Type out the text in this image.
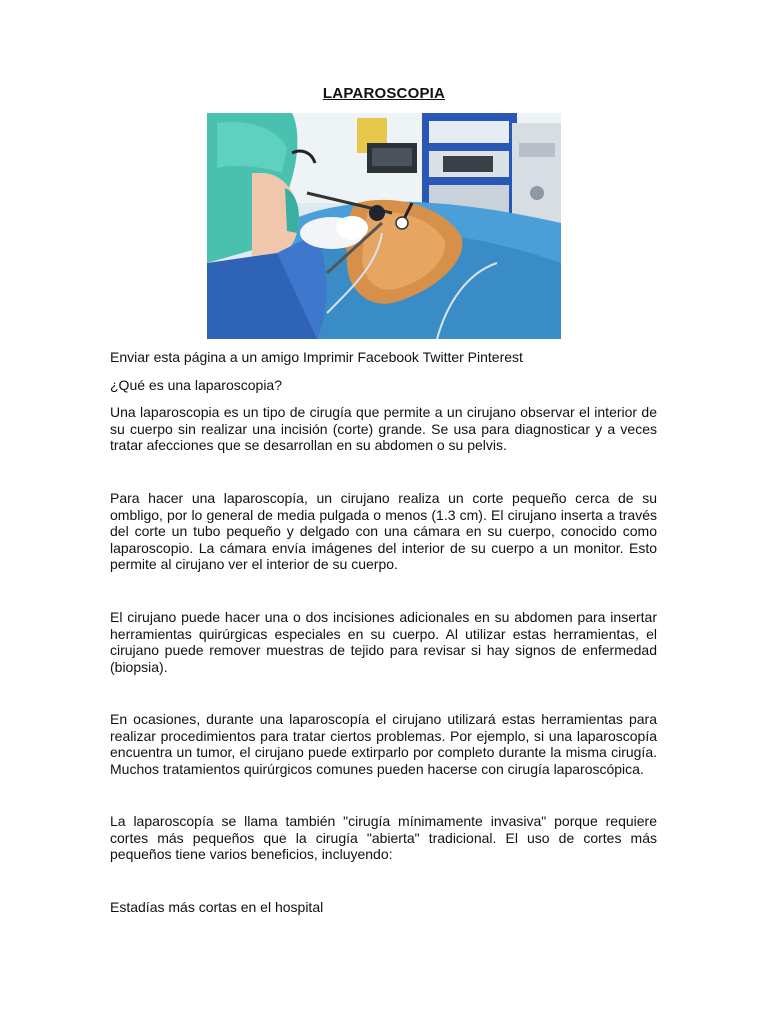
LAPAROSCOPIA
Enviar esta página a un amigo Imprimir Facebook Twitter Pinterest
¿Qué es una laparoscopia?
Una laparoscopia es un tipo de cirugía que permite a un cirujano observar el interior de su cuerpo sin realizar una incisión (corte) grande. Se usa para diagnosticar y a veces tratar afecciones que se desarrollan en su abdomen o su pelvis.
Para hacer una laparoscopía, un cirujano realiza un corte pequeño cerca de su ombligo, por lo general de media pulgada o menos (1.3 cm). El cirujano inserta a través del corte un tubo pequeño y delgado con una cámara en su cuerpo, conocido como laparoscopio. La cámara envía imágenes del interior de su cuerpo a un monitor. Esto permite al cirujano ver el interior de su cuerpo.
El cirujano puede hacer una o dos incisiones adicionales en su abdomen para insertar herramientas quirúrgicas especiales en su cuerpo. Al utilizar estas herramientas, el cirujano puede remover muestras de tejido para revisar si hay signos de enfermedad (biopsia).
En ocasiones, durante una laparoscopía el cirujano utilizará estas herramientas para realizar procedimientos para tratar ciertos problemas. Por ejemplo, si una laparoscopía encuentra un tumor, el cirujano puede extirparlo por completo durante la misma cirugía. Muchos tratamientos quirúrgicos comunes pueden hacerse con cirugía laparoscópica.
La laparoscopía se llama también "cirugía mínimamente invasiva" porque requiere cortes más pequeños que la cirugía "abierta" tradicional. El uso de cortes más pequeños tiene varios beneficios, incluyendo:
Estadías más cortas en el hospital
